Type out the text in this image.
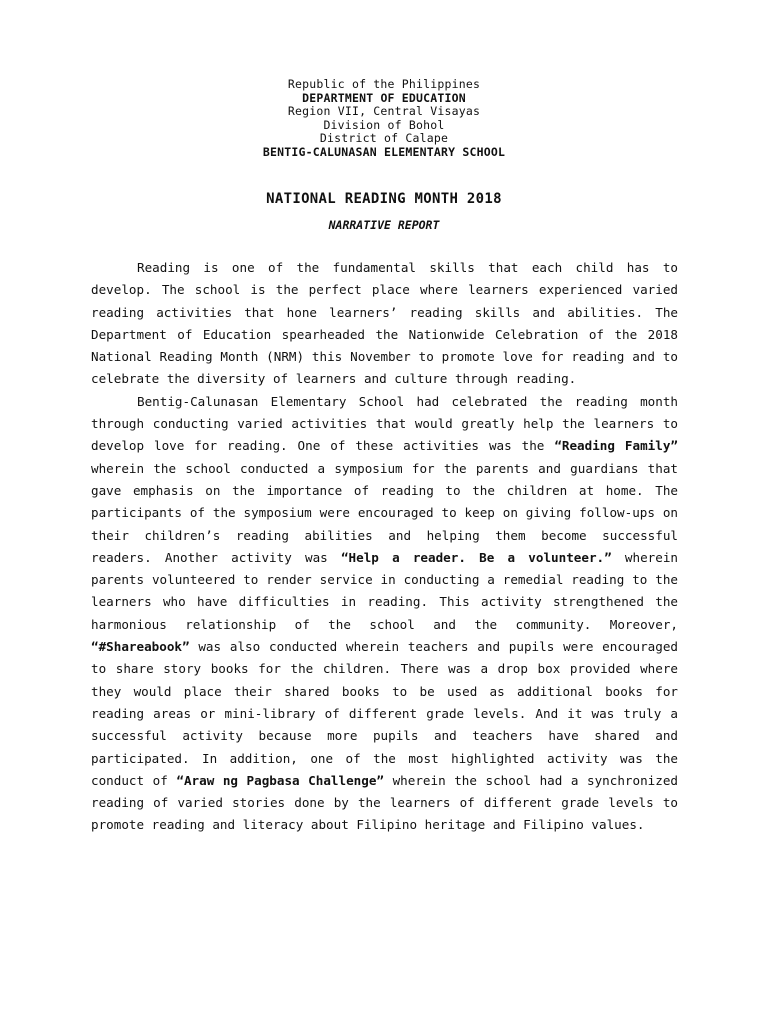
Republic of the Philippines
DEPARTMENT OF EDUCATION
Region VII, Central Visayas
Division of Bohol
District of Calape
BENTIG-CALUNASAN ELEMENTARY SCHOOL
NATIONAL READING MONTH 2018
NARRATIVE REPORT

Reading is one of the fundamental skills that each child has to develop. The school is the perfect place where learners experienced varied reading activities that hone learners’ reading skills and abilities. The Department of Education spearheaded the Nationwide Celebration of the 2018 National Reading Month (NRM) this November to promote love for reading and to celebrate the diversity of learners and culture through reading.

Bentig-Calunasan Elementary School had celebrated the reading month through conducting varied activities that would greatly help the learners to develop love for reading. One of these activities was the “Reading Family” wherein the school conducted a symposium for the parents and guardians that gave emphasis on the importance of reading to the children at home. The participants of the symposium were encouraged to keep on giving follow-ups on their children’s reading abilities and helping them become successful readers. Another activity was “Help a reader. Be a volunteer.” wherein parents volunteered to render service in conducting a remedial reading to the learners who have difficulties in reading. This activity strengthened the harmonious relationship of the school and the community. Moreover, “#Shareabook” was also conducted wherein teachers and pupils were encouraged to share story books for the children. There was a drop box provided where they would place their shared books to be used as additional books for reading areas or mini-library of different grade levels. And it was truly a successful activity because more pupils and teachers have shared and participated. In addition, one of the most highlighted activity was the conduct of “Araw ng Pagbasa Challenge” wherein the school had a synchronized reading of varied stories done by the learners of different grade levels to promote reading and literacy about Filipino heritage and Filipino values.
